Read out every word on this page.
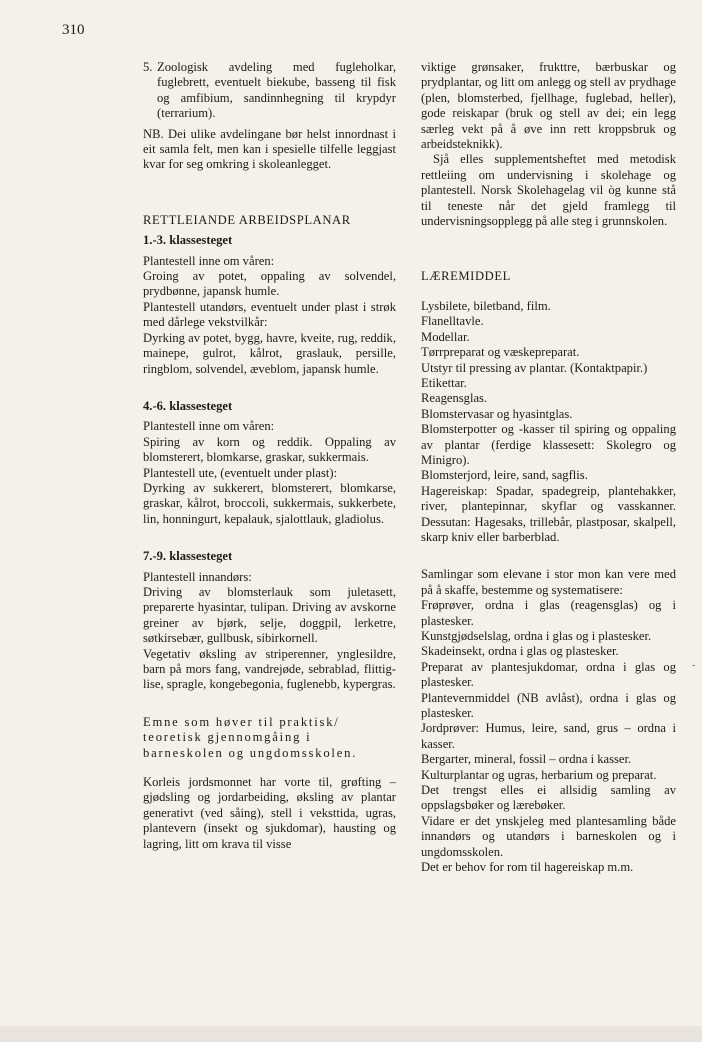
310
5. Zoologisk avdeling med fugleholkar, fuglebrett, eventuelt biekube, basseng til fisk og amfibium, sandinnhegning til krypdyr (terrarium).

NB. Dei ulike avdelingane bør helst innordnast i eit samla felt, men kan i spesielle tilfelle leggjast kvar for seg omkring i skoleanlegget.

RETTLEIANDE ARBEIDSPLANAR
1.-3. klassesteget

Plantestell inne om våren:

Groing av potet, oppaling av solvendel, prydbønne, japansk humle.

Plantestell utandørs, eventuelt under plast i strøk med dårlege vekstvilkår:

Dyrking av potet, bygg, havre, kveite, rug, reddik, mainepe, gulrot, kålrot, graslauk, persille, ringblom, solvendel, æveblom, japansk humle.

4.-6. klassesteget

Plantestell inne om våren:

Spiring av korn og reddik. Oppaling av blomsterert, blomkarse, graskar, sukkermais.

Plantestell ute, (eventuelt under plast):

Dyrking av sukkerert, blomsterert, blomkarse, graskar, kålrot, broccoli, sukkermais, sukkerbete, lin, honningurt, kepalauk, sjalottlauk, gladiolus.

7.-9. klassesteget

Plantestell innandørs:

Driving av blomsterlauk som juletasett, preparerte hyasintar, tulipan. Driving av avskorne greiner av bjørk, selje, doggpil, lerketre, søtkirsebær, gullbusk, sibirkornell.

Vegetativ øksling av striperenner, ynglesildre, barn på mors fang, vandrejøde, sebrablad, flittig-lise, spragle, kongebegonia, fuglenebb, kypergras.

Emne som høver til praktisk/ teoretisk gjennomgåing i barneskolen og ungdomsskolen.

Korleis jordsmonnet har vorte til, grøfting – gjødsling og jordarbeiding, øksling av plantar generativt (ved såing), stell i veksttida, ugras, plantevern (insekt og sjukdomar), hausting og lagring, litt om krava til visse

viktige grønsaker, frukttre, bærbuskar og prydplantar, og litt om anlegg og stell av prydhage (plen, blomsterbed, fjellhage, fuglebad, heller), gode reiskapar (bruk og stell av dei; ein legg særleg vekt på å øve inn rett kroppsbruk og arbeidsteknikk).

Sjå elles supplementsheftet med metodisk rettleiing om undervisning i skolehage og plantestell. Norsk Skolehagelag vil òg kunne stå til teneste når det gjeld framlegg til undervisningsopplegg på alle steg i grunnskolen.

LÆREMIDDEL

Lysbilete, biletband, film.

Flanelltavle.

Modellar.

Tørrpreparat og væskepreparat.

Utstyr til pressing av plantar. (Kontaktpapir.)

Etikettar.

Reagensglas.

Blomstervasar og hyasintglas.

Blomsterpotter og -kasser til spiring og oppaling av plantar (ferdige klassesett: Skolegro og Minigro).

Blomsterjord, leire, sand, sagflis.

Hagereiskap: Spadar, spadegreip, plantehakker, river, plantepinnar, skyflar og vasskanner. Dessutan: Hagesaks, trillebår, plastposar, skalpell, skarp kniv eller barberblad.

Samlingar som elevane i stor mon kan vere med på å skaffe, bestemme og systematisere:

Frøprøver, ordna i glas (reagensglas) og i plastesker.

Kunstgjødselslag, ordna i glas og i plastesker.

Skadeinsekt, ordna i glas og plastesker.

Preparat av plantesjukdomar, ordna i glas og plastesker.

Plantevernmiddel (NB avlåst), ordna i glas og plastesker.

Jordprøver: Humus, leire, sand, grus – ordna i kasser.

Bergarter, mineral, fossil – ordna i kasser.

Kulturplantar og ugras, herbarium og preparat.

Det trengst elles ei allsidig samling av oppslagsbøker og lærebøker.

Vidare er det ynskjeleg med plantesamling både innandørs og utandørs i barneskolen og i ungdomsskolen.

Det er behov for rom til hagereiskap m.m.

-
